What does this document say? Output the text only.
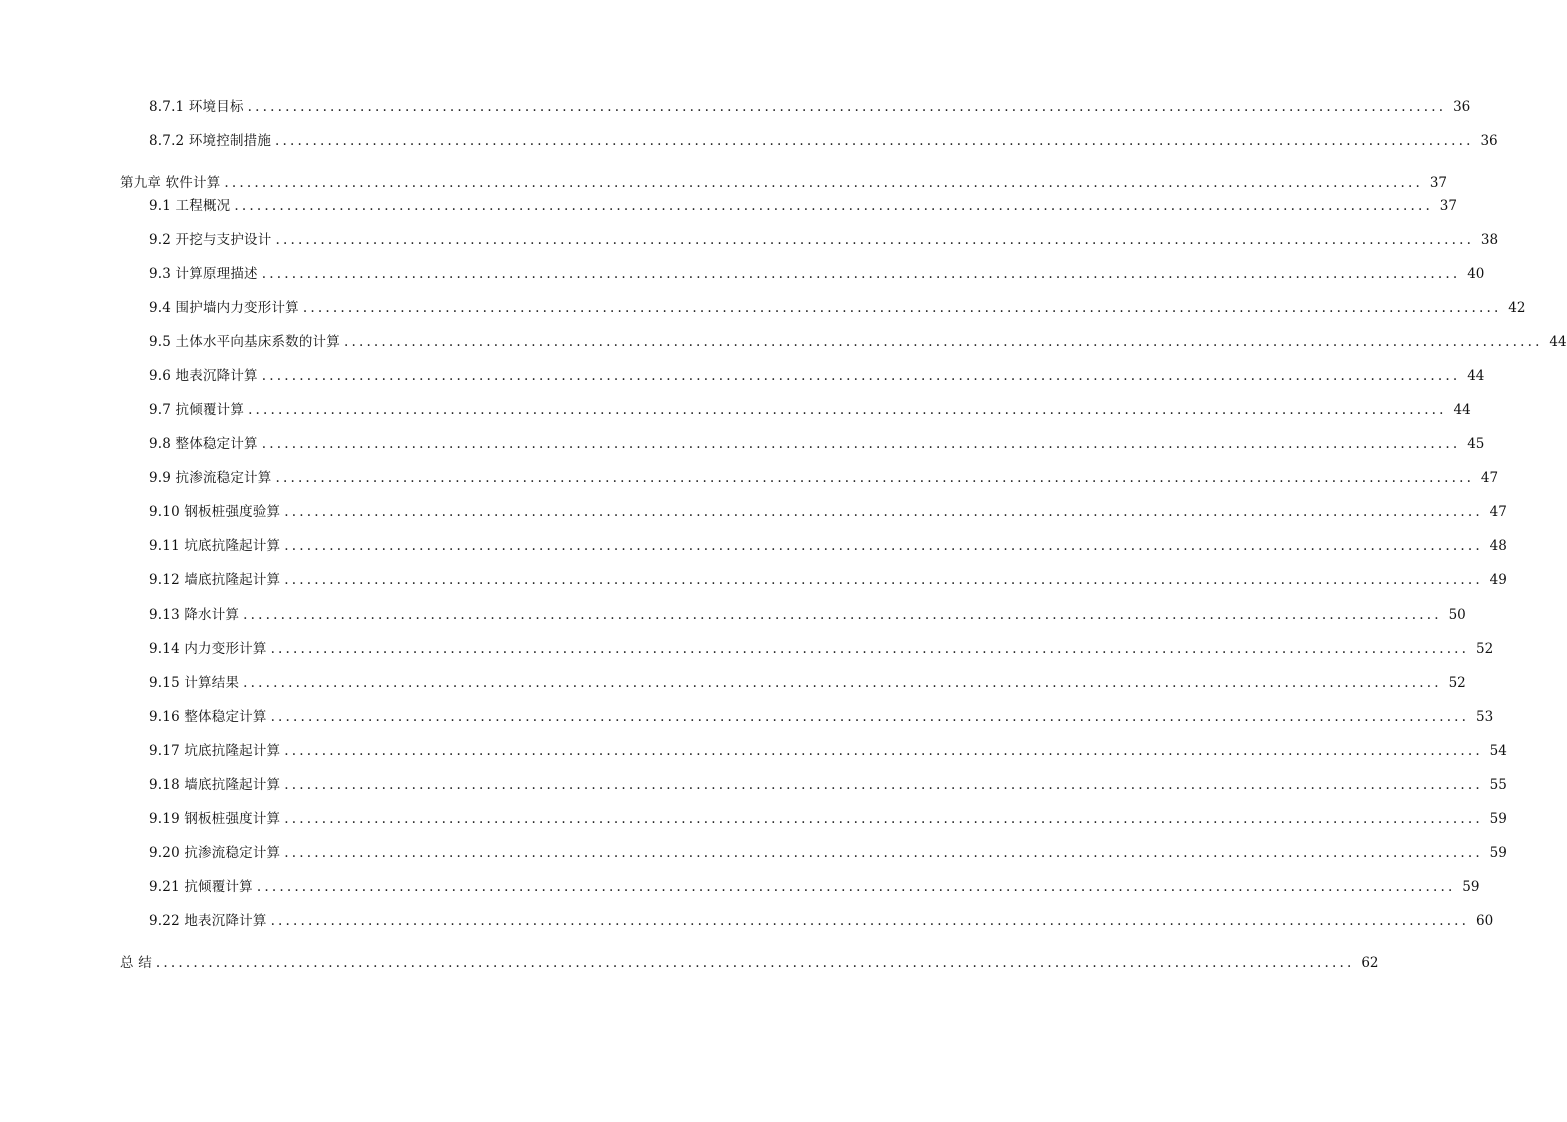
8.7.1 环境目标 ................................................................................................................................................................ 36
8.7.2 环境控制措施 ................................................................................................................................................................ 36
第九章 软件计算 ................................................................................................................................................................ 37
9.1 工程概况 ................................................................................................................................................................ 37
9.2 开挖与支护设计 ................................................................................................................................................................ 38
9.3 计算原理描述 ................................................................................................................................................................ 40
9.4 围护墙内力变形计算 ................................................................................................................................................................ 42
9.5 土体水平向基床系数的计算 ................................................................................................................................................................ 44
9.6 地表沉降计算 ................................................................................................................................................................ 44
9.7 抗倾覆计算 ................................................................................................................................................................ 44
9.8 整体稳定计算 ................................................................................................................................................................ 45
9.9 抗渗流稳定计算 ................................................................................................................................................................ 47
9.10 钢板桩强度验算 ................................................................................................................................................................ 47
9.11 坑底抗隆起计算 ................................................................................................................................................................ 48
9.12 墙底抗隆起计算 ................................................................................................................................................................ 49
9.13 降水计算 ................................................................................................................................................................ 50
9.14 内力变形计算 ................................................................................................................................................................ 52
9.15 计算结果 ................................................................................................................................................................ 52
9.16 整体稳定计算 ................................................................................................................................................................ 53
9.17 坑底抗隆起计算 ................................................................................................................................................................ 54
9.18 墙底抗隆起计算 ................................................................................................................................................................ 55
9.19 钢板桩强度计算 ................................................................................................................................................................ 59
9.20 抗渗流稳定计算 ................................................................................................................................................................ 59
9.21 抗倾覆计算 ................................................................................................................................................................ 59
9.22 地表沉降计算 ................................................................................................................................................................ 60
总 结 ................................................................................................................................................................ 62
